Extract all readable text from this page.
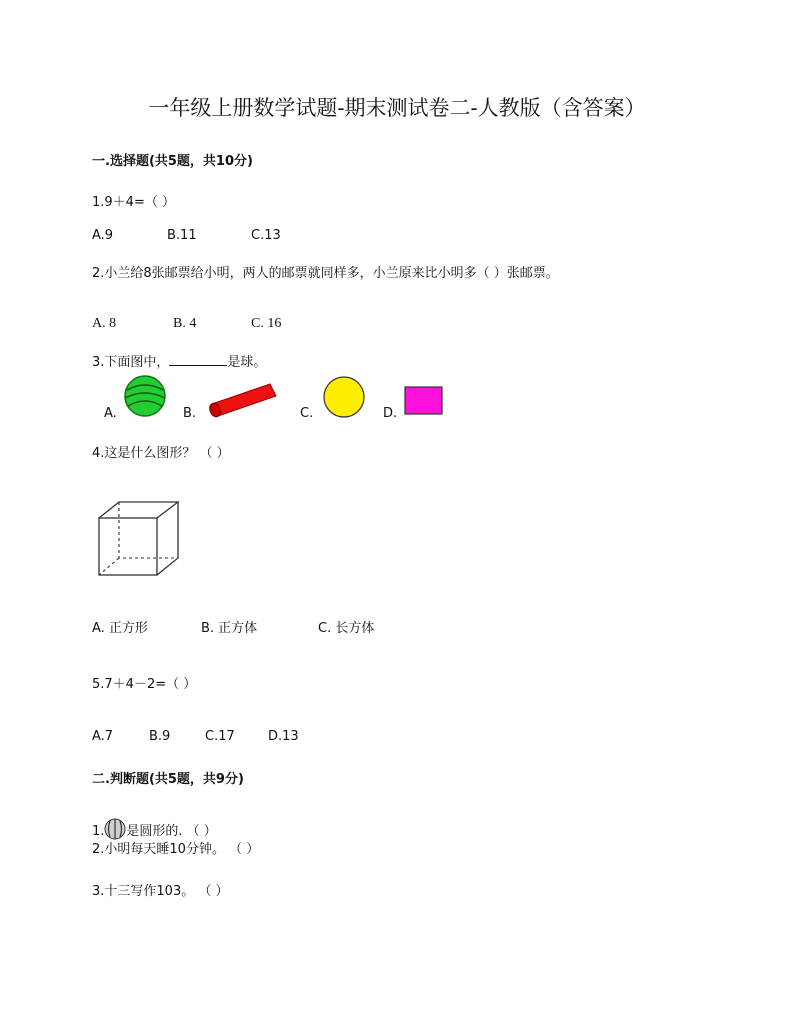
一年级上册数学试题-期末测试卷二-人教版（含答案）
一.选择题(共5题，共10分)
1.9＋4=（ ）
A.9	B.11	C.13
2.小兰给8张邮票给小明，两人的邮票就同样多，小兰原来比小明多（ ）张邮票。
A. 8	B. 4	C. 16
3.下面图中，	是球。
A.	B.	C.	D.
4.这是什么图形？ （ ）
A. 正方形	B. 正方体	C. 长方体
5.7＋4－2=（ ）
A.7	B.9	C.17	D.13
二.判断题(共5题，共9分)
1. 是圆形的. （ ）
2.小明每天睡10分钟。 （ ）
3.十三写作103。 （ ）
